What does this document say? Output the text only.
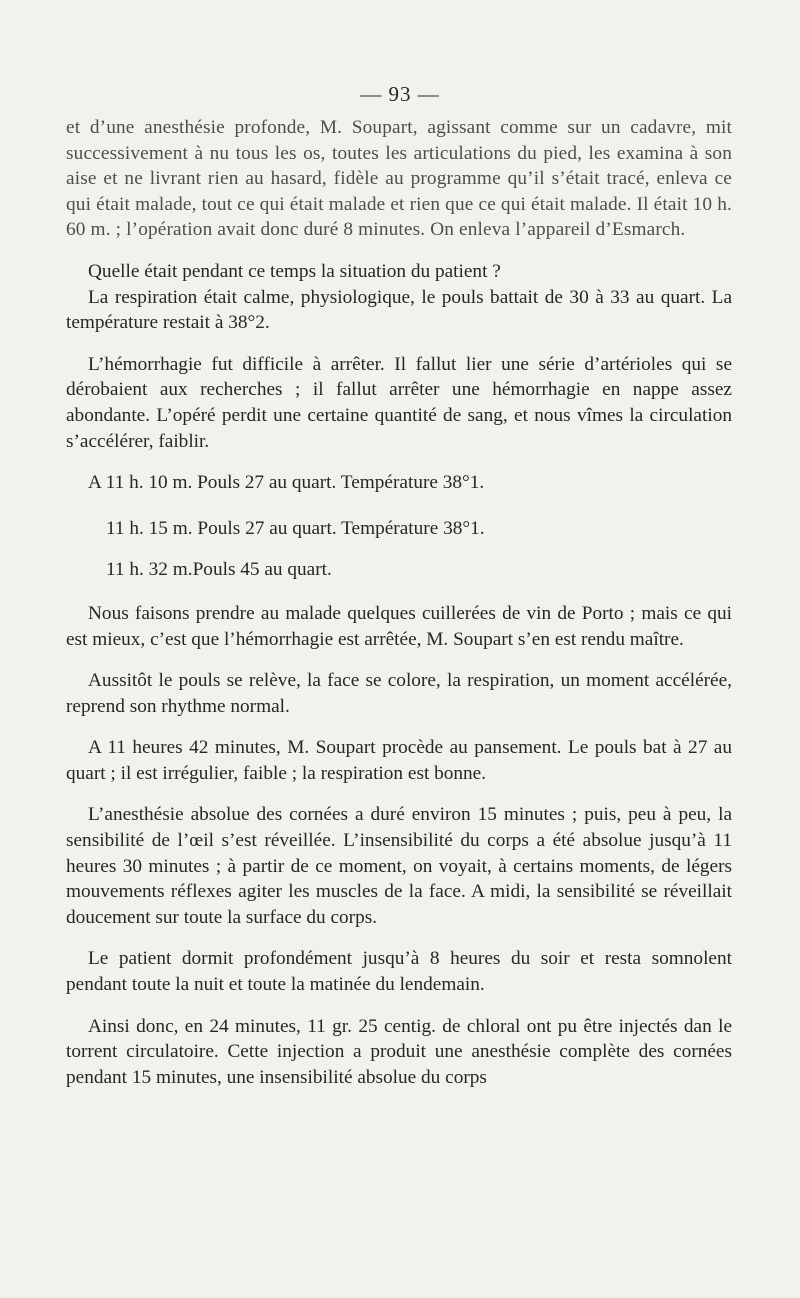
— 93 —

et d’une anesthésie profonde, M. Soupart, agissant comme sur un cadavre, mit successivement à nu tous les os, toutes les articulations du pied, les examina à son aise et ne livrant rien au hasard, fidèle au programme qu’il s’était tracé, enleva ce qui était malade, tout ce qui était malade et rien que ce qui était malade. Il était 10 h. 60 m. ; l’opération avait donc duré 8 minutes. On enleva l’appareil d’Esmarch.

Quelle était pendant ce temps la situation du patient ?

La respiration était calme, physiologique, le pouls battait de 30 à 33 au quart. La température restait à 38°2.

L’hémorrhagie fut difficile à arrêter. Il fallut lier une série d’artérioles qui se dérobaient aux recherches ; il fallut arrêter une hémorrhagie en nappe assez abondante. L’opéré perdit une certaine quantité de sang, et nous vîmes la circulation s’accélérer, faiblir.

A 11 h. 10 m. Pouls 27 au quart. Température 38°1.

11 h. 15 m. Pouls 27 au quart. Température 38°1.

11 h. 32 m.Pouls 45 au quart.

Nous faisons prendre au malade quelques cuillerées de vin de Porto ; mais ce qui est mieux, c’est que l’hémorrhagie est arrêtée, M. Soupart s’en est rendu maître.

Aussitôt le pouls se relève, la face se colore, la respiration, un moment accélérée, reprend son rhythme normal.

A 11 heures 42 minutes, M. Soupart procède au pansement. Le pouls bat à 27 au quart ; il est irrégulier, faible ; la respiration est bonne.

L’anesthésie absolue des cornées a duré environ 15 minutes ; puis, peu à peu, la sensibilité de l’œil s’est réveillée. L’insensibilité du corps a été absolue jusqu’à 11 heures 30 minutes ; à partir de ce moment, on voyait, à certains moments, de légers mouvements réflexes agiter les muscles de la face. A midi, la sensibilité se réveillait doucement sur toute la surface du corps.

Le patient dormit profondément jusqu’à 8 heures du soir et resta somnolent pendant toute la nuit et toute la matinée du lendemain.

Ainsi donc, en 24 minutes, 11 gr. 25 centig. de chloral ont pu être injectés dan le torrent circulatoire. Cette injection a produit une anesthésie complète des cornées pendant 15 minutes, une insensibilité absolue du corps
